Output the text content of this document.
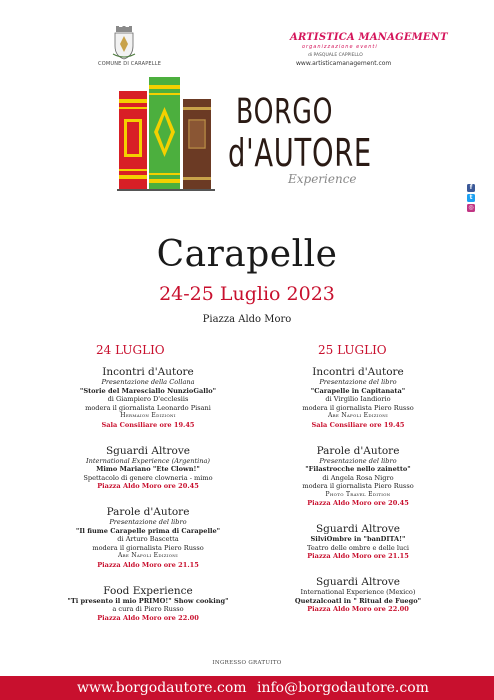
COMUNE DI CARAPELLE
ARTISTICA MANAGEMENT
organizzazione eventi
di PASQUALE CAPPIELLO
www.artisticamanagement.com
BORGO
d'AUTORE
Experience
f
t
◎
Carapelle
24-25 Luglio 2023
Piazza Aldo Moro
24 LUGLIO
Incontri d'Autore
Presentazione della Collana
"Storie del Maresciallo NunzioGallo"
di Giampiero D'ecclesiis
modera il giornalista Leonardo Pisani
Hermaion Edizioni
Sala Consiliare ore 19.45
Sguardi Altrove
International Experience (Argentina)
Mimo Mariano "Ete Clown!"
Spettacolo di genere clowneria - mimo
Piazza Aldo Moro ore 20.45
Parole d'Autore
Presentazione del libro
"Il fiume Carapelle prima di Carapelle"
di Arturo Bascetta
modera il giornalista Piero Russo
Abe Napoli Edizioni
Piazza Aldo Moro ore 21.15
Food Experience
"Ti presento il mio PRIMO!" Show cooking"
a cura di Piero Russo
Piazza Aldo Moro ore 22.00
25 LUGLIO
Incontri d'Autore
Presentazione del libro
"Carapelle in Capitanata"
di Virgilio Iandiorio
modera il giornalista Piero Russo
Abe Napoli Edizioni
Sala Consiliare ore 19.45
Parole d'Autore
Presentazione del libro
"Filastrocche nello zainetto"
di Angela Rosa Nigro
modera il giornalista Piero Russo
Photo Travel Edition
Piazza Aldo Moro ore 20.45
Sguardi Altrove
SilviOmbre in "banDITA!"
Teatro delle ombre e delle luci
Piazza Aldo Moro ore 21.15
Sguardi Altrove
International Experience (Mexico)
Quetzalcoatl in " Ritual de Fuego"
Piazza Aldo Moro ore 22.00
INGRESSO GRATUITO
www.borgodautore.com info@borgodautore.com
